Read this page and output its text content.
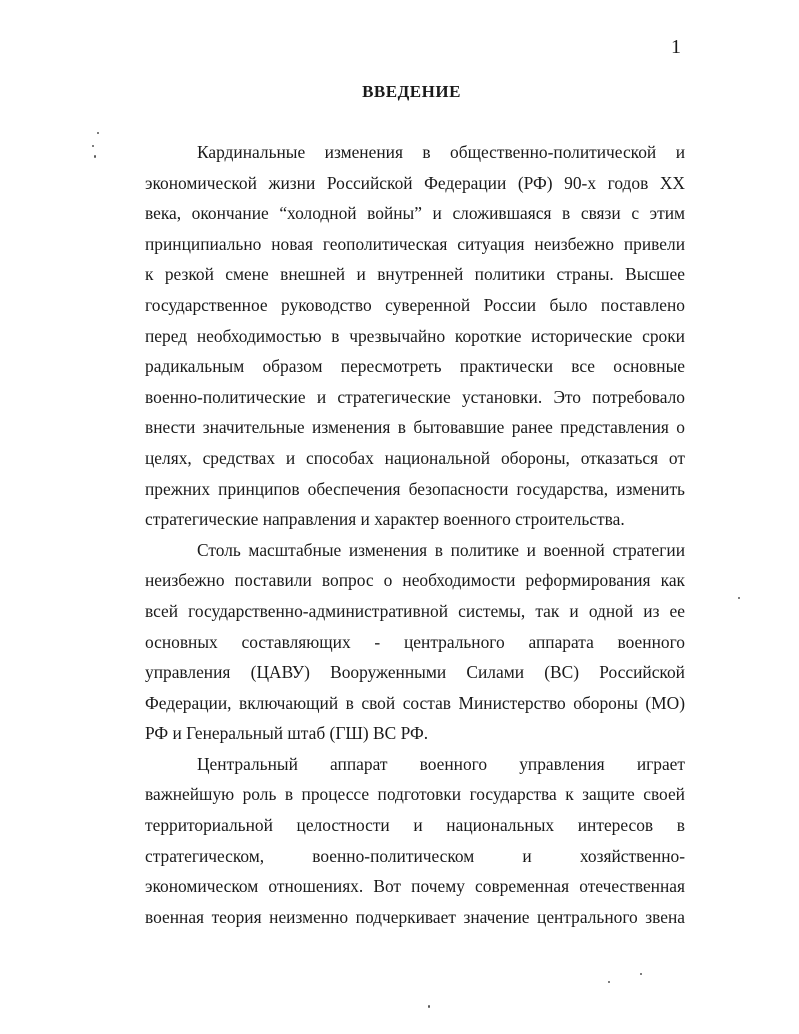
1
ВВЕДЕНИЕ
Кардинальные изменения в общественно-политической и
экономической жизни Российской Федерации (РФ) 90-х годов XX
века, окончание “холодной войны” и сложившаяся в связи с этим
принципиально новая геополитическая ситуация неизбежно привели
к резкой смене внешней и внутренней политики страны. Высшее
государственное руководство суверенной России было поставлено
перед необходимостью в чрезвычайно короткие исторические сроки
радикальным образом пересмотреть практически все основные
военно-политические и стратегические установки. Это потребовало
внести значительные изменения в бытовавшие ранее представления о
целях, средствах и способах национальной обороны, отказаться от
прежних принципов обеспечения безопасности государства, изменить
стратегические направления и характер военного строительства.
Столь масштабные изменения в политике и военной стратегии
неизбежно поставили вопрос о необходимости реформирования как
всей государственно-административной системы, так и одной из ее
основных составляющих - центрального аппарата военного
управления (ЦАВУ) Вооруженными Силами (ВС) Российской
Федерации, включающий в свой состав Министерство обороны (МО)
РФ и Генеральный штаб (ГШ) ВС РФ.
Центральный аппарат военного управления играет
важнейшую роль в процессе подготовки государства к защите своей
территориальной целостности и национальных интересов в
стратегическом, военно-политическом и хозяйственно-
экономическом отношениях. Вот почему современная отечественная
военная теория неизменно подчеркивает значение центрального звена
